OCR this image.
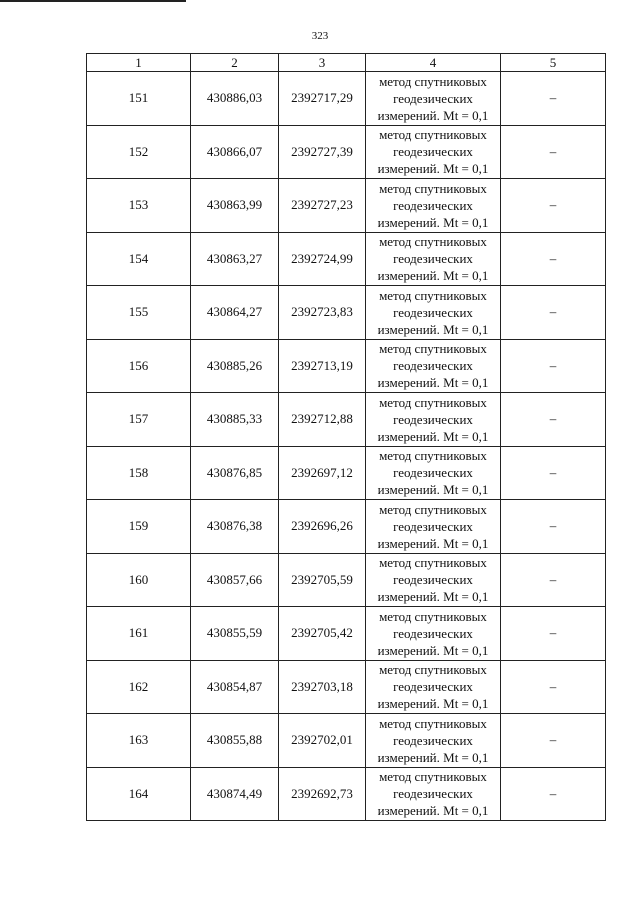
323
1	2	3	4	5
151	430886,03	2392717,29	метод спутниковых
геодезических
измерений. Mt = 0,1	–
152	430866,07	2392727,39	метод спутниковых
геодезических
измерений. Mt = 0,1	–
153	430863,99	2392727,23	метод спутниковых
геодезических
измерений. Mt = 0,1	–
154	430863,27	2392724,99	метод спутниковых
геодезических
измерений. Mt = 0,1	–
155	430864,27	2392723,83	метод спутниковых
геодезических
измерений. Mt = 0,1	–
156	430885,26	2392713,19	метод спутниковых
геодезических
измерений. Mt = 0,1	–
157	430885,33	2392712,88	метод спутниковых
геодезических
измерений. Mt = 0,1	–
158	430876,85	2392697,12	метод спутниковых
геодезических
измерений. Mt = 0,1	–
159	430876,38	2392696,26	метод спутниковых
геодезических
измерений. Mt = 0,1	–
160	430857,66	2392705,59	метод спутниковых
геодезических
измерений. Mt = 0,1	–
161	430855,59	2392705,42	метод спутниковых
геодезических
измерений. Mt = 0,1	–
162	430854,87	2392703,18	метод спутниковых
геодезических
измерений. Mt = 0,1	–
163	430855,88	2392702,01	метод спутниковых
геодезических
измерений. Mt = 0,1	–
164	430874,49	2392692,73	метод спутниковых
геодезических
измерений. Mt = 0,1	–
